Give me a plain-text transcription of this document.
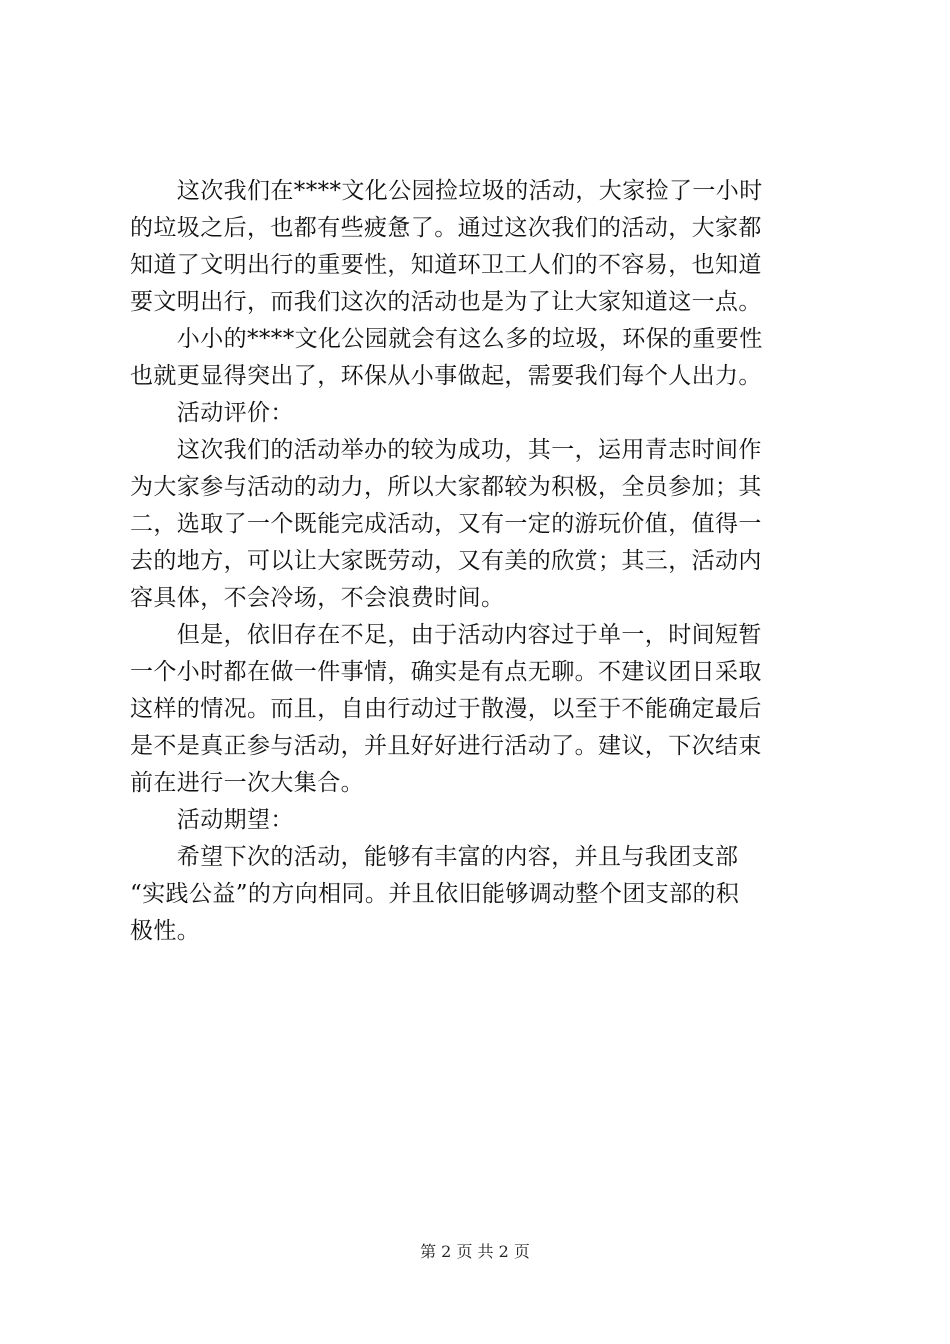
　　这次我们在****文化公园捡垃圾的活动，大家捡了一小时
的垃圾之后，也都有些疲惫了。通过这次我们的活动，大家都
知道了文明出行的重要性，知道环卫工人们的不容易，也知道
要文明出行，而我们这次的活动也是为了让大家知道这一点。
　　小小的****文化公园就会有这么多的垃圾，环保的重要性
也就更显得突出了，环保从小事做起，需要我们每个人出力。
　　活动评价：
　　这次我们的活动举办的较为成功，其一，运用青志时间作
为大家参与活动的动力，所以大家都较为积极，全员参加；其
二，选取了一个既能完成活动，又有一定的游玩价值，值得一
去的地方，可以让大家既劳动，又有美的欣赏；其三，活动内
容具体，不会冷场，不会浪费时间。
　　但是，依旧存在不足，由于活动内容过于单一，时间短暂
一个小时都在做一件事情，确实是有点无聊。不建议团日采取
这样的情况。而且，自由行动过于散漫，以至于不能确定最后
是不是真正参与活动，并且好好进行活动了。建议，下次结束
前在进行一次大集合。
　　活动期望：
　　希望下次的活动，能够有丰富的内容，并且与我团支部
“实践公益”的方向相同。并且依旧能够调动整个团支部的积
极性。
第 2 页 共 2 页
